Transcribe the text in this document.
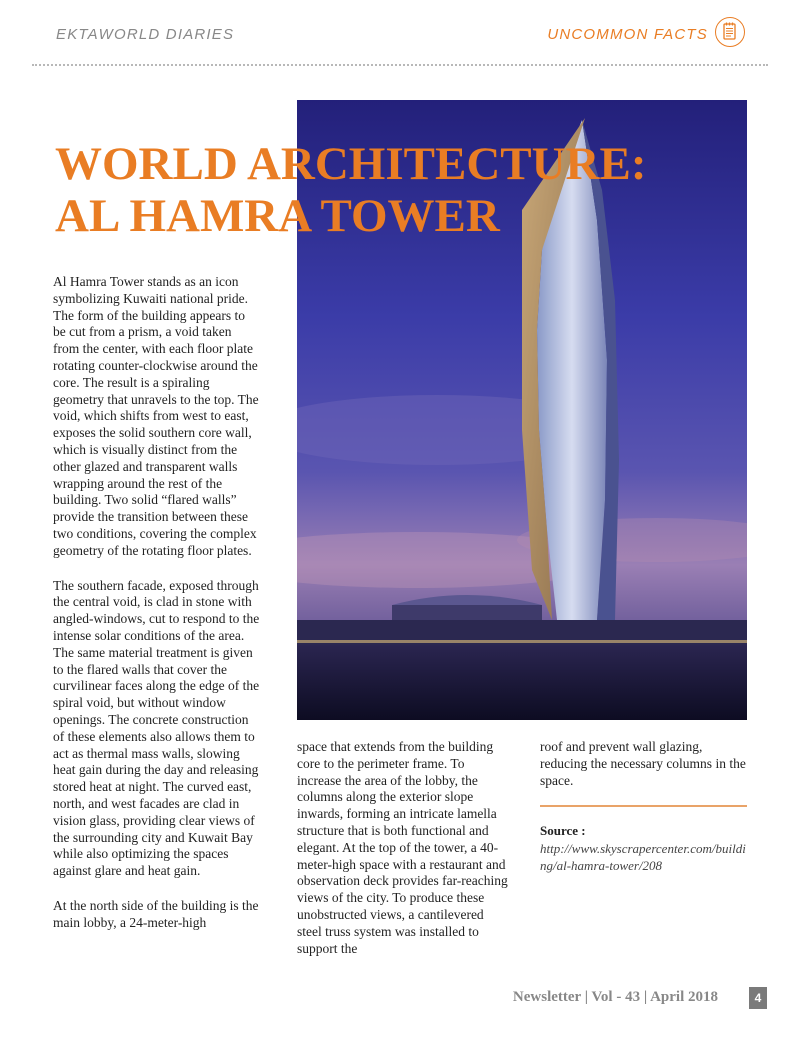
EKTAWORLD DIARIES	UNCOMMON FACTS
WORLD ARCHITECTURE:
AL HAMRA TOWER

Al Hamra Tower stands as an icon symbolizing Kuwaiti national pride. The form of the building appears to be cut from a prism, a void taken from the center, with each floor plate rotating counter-clockwise around the core. The result is a spiraling geometry that unravels to the top. The void, which shifts from west to east, exposes the solid southern core wall, which is visually distinct from the other glazed and transparent walls wrapping around the rest of the building. Two solid “flared walls” provide the transition between these two conditions, covering the complex geometry of the rotating floor plates.

The southern facade, exposed through the central void, is clad in stone with angled-windows, cut to respond to the intense solar conditions of the area. The same material treatment is given to the flared walls that cover the curvilinear faces along the edge of the spiral void, but without window openings. The concrete construction of these elements also allows them to act as thermal mass walls, slowing heat gain during the day and releasing stored heat at night. The curved east, north, and west facades are clad in vision glass, providing clear views of the surrounding city and Kuwait Bay while also optimizing the spaces against glare and heat gain.

At the north side of the building is the main lobby, a 24-meter-high

space that extends from the building core to the perimeter frame. To increase the area of the lobby, the columns along the exterior slope inwards, forming an intricate lamella structure that is both functional and elegant. At the top of the tower, a 40-meter-high space with a restaurant and observation deck provides far-reaching views of the city. To produce these unobstructed views, a cantilevered steel truss system was installed to support the

roof and prevent wall glazing, reducing the necessary columns in the space.

Source :
http://www.skyscrapercenter.com/building/al-hamra-tower/208
Newsletter | Vol - 43 | April 2018	4
